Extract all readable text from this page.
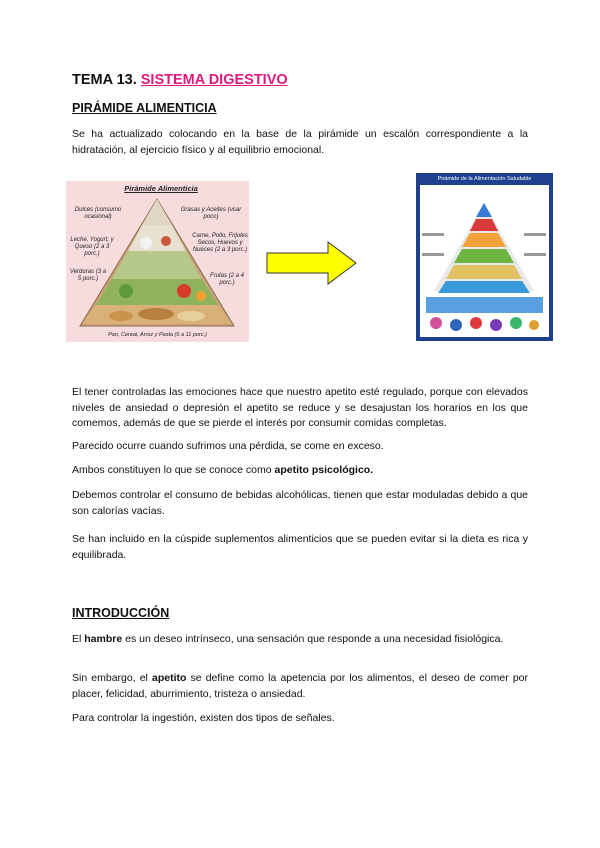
TEMA 13. SISTEMA DIGESTIVO
PIRÁMIDE ALIMENTICIA
Se ha actualizado colocando en la base de la pirámide un escalón correspondiente a la hidratación, al ejercicio físico y al equilibrio emocional.
Pirámide Alimenticia
Dulces (consumo ocasional)
Grasas y Aceites (usar poco)
Leche, Yogurt, y Queso (2 a 3 porc.)
Carne, Pollo, Frijoles Secos, Huevos y Nueces (2 a 3 porc.)
Verduras (3 a 5 porc.)	Frutas (2 a 4 porc.)
Pan, Cereal, Arroz y Pasta (6 a 11 porc.)
Pirámide de la Alimentación Saludable
El tener controladas las emociones hace que nuestro apetito esté regulado, porque con elevados niveles de ansiedad o depresión el apetito se reduce y se desajustan los horarios en los que comemos, además de que se pierde el interés por consumir comidas completas.
Parecido ocurre cuando sufrimos una pérdida, se come en exceso.
Ambos constituyen lo que se conoce como apetito psicológico.
Debemos controlar el consumo de bebidas alcohólicas, tienen que estar moduladas debido a que son calorías vacías.
Se han incluido en la cúspide suplementos alimenticios que se pueden evitar si la dieta es rica y equilibrada.
INTRODUCCIÓN
El hambre es un deseo intrínseco, una sensación que responde a una necesidad fisiológica.
Sin embargo, el apetito se define como la apetencia por los alimentos, el deseo de comer por placer, felicidad, aburrimiento, tristeza o ansiedad.
Para controlar la ingestión, existen dos tipos de señales.
